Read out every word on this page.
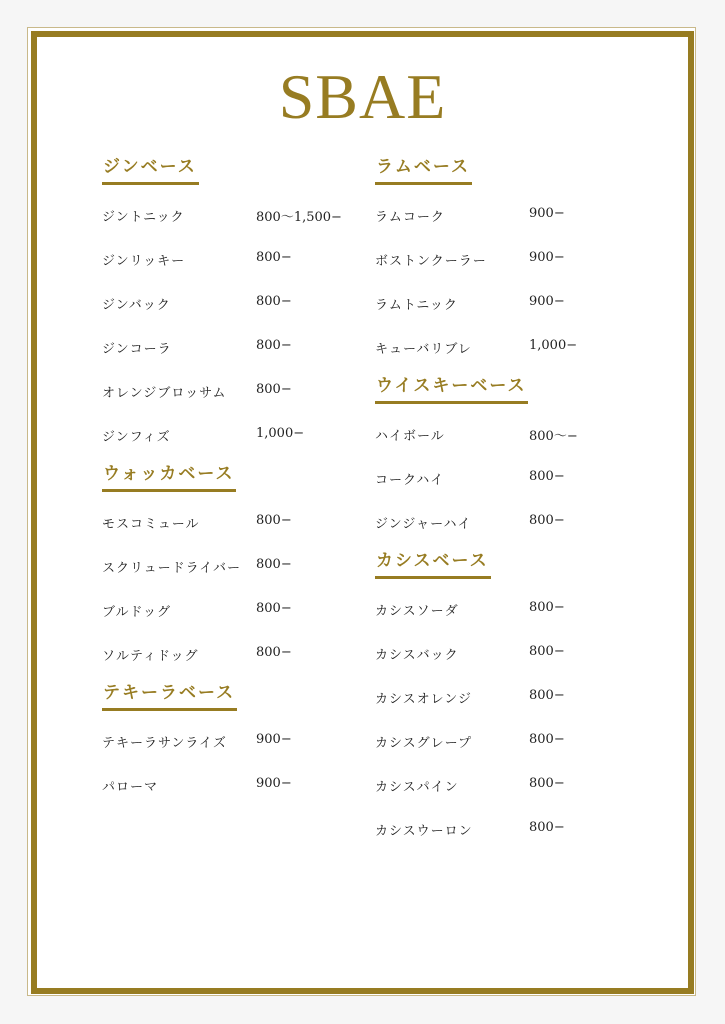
SBAE
ジンベース
ジントニック	800〜1,500−
ジンリッキー	800−
ジンバック	800−
ジンコーラ	800−
オレンジブロッサム 800−
ジンフィズ	1,000−
ウォッカベース
モスコミュール	800−
スクリュードライバー 800−
ブルドッグ	800−
ソルティドッグ	800−
テキーラベース
テキーラサンライズ 900−
パローマ	900−
ラムベース
ラムコーク	900−
ボストンクーラー	900−
ラムトニック	900−
キューバリブレ	1,000−
ウイスキーベース
ハイボール	800〜−
コークハイ	800−
ジンジャーハイ	800−
カシスベース
カシスソーダ	800−
カシスバック	800−
カシスオレンジ	800−
カシスグレープ	800−
カシスパイン	800−
カシスウーロン	800−
